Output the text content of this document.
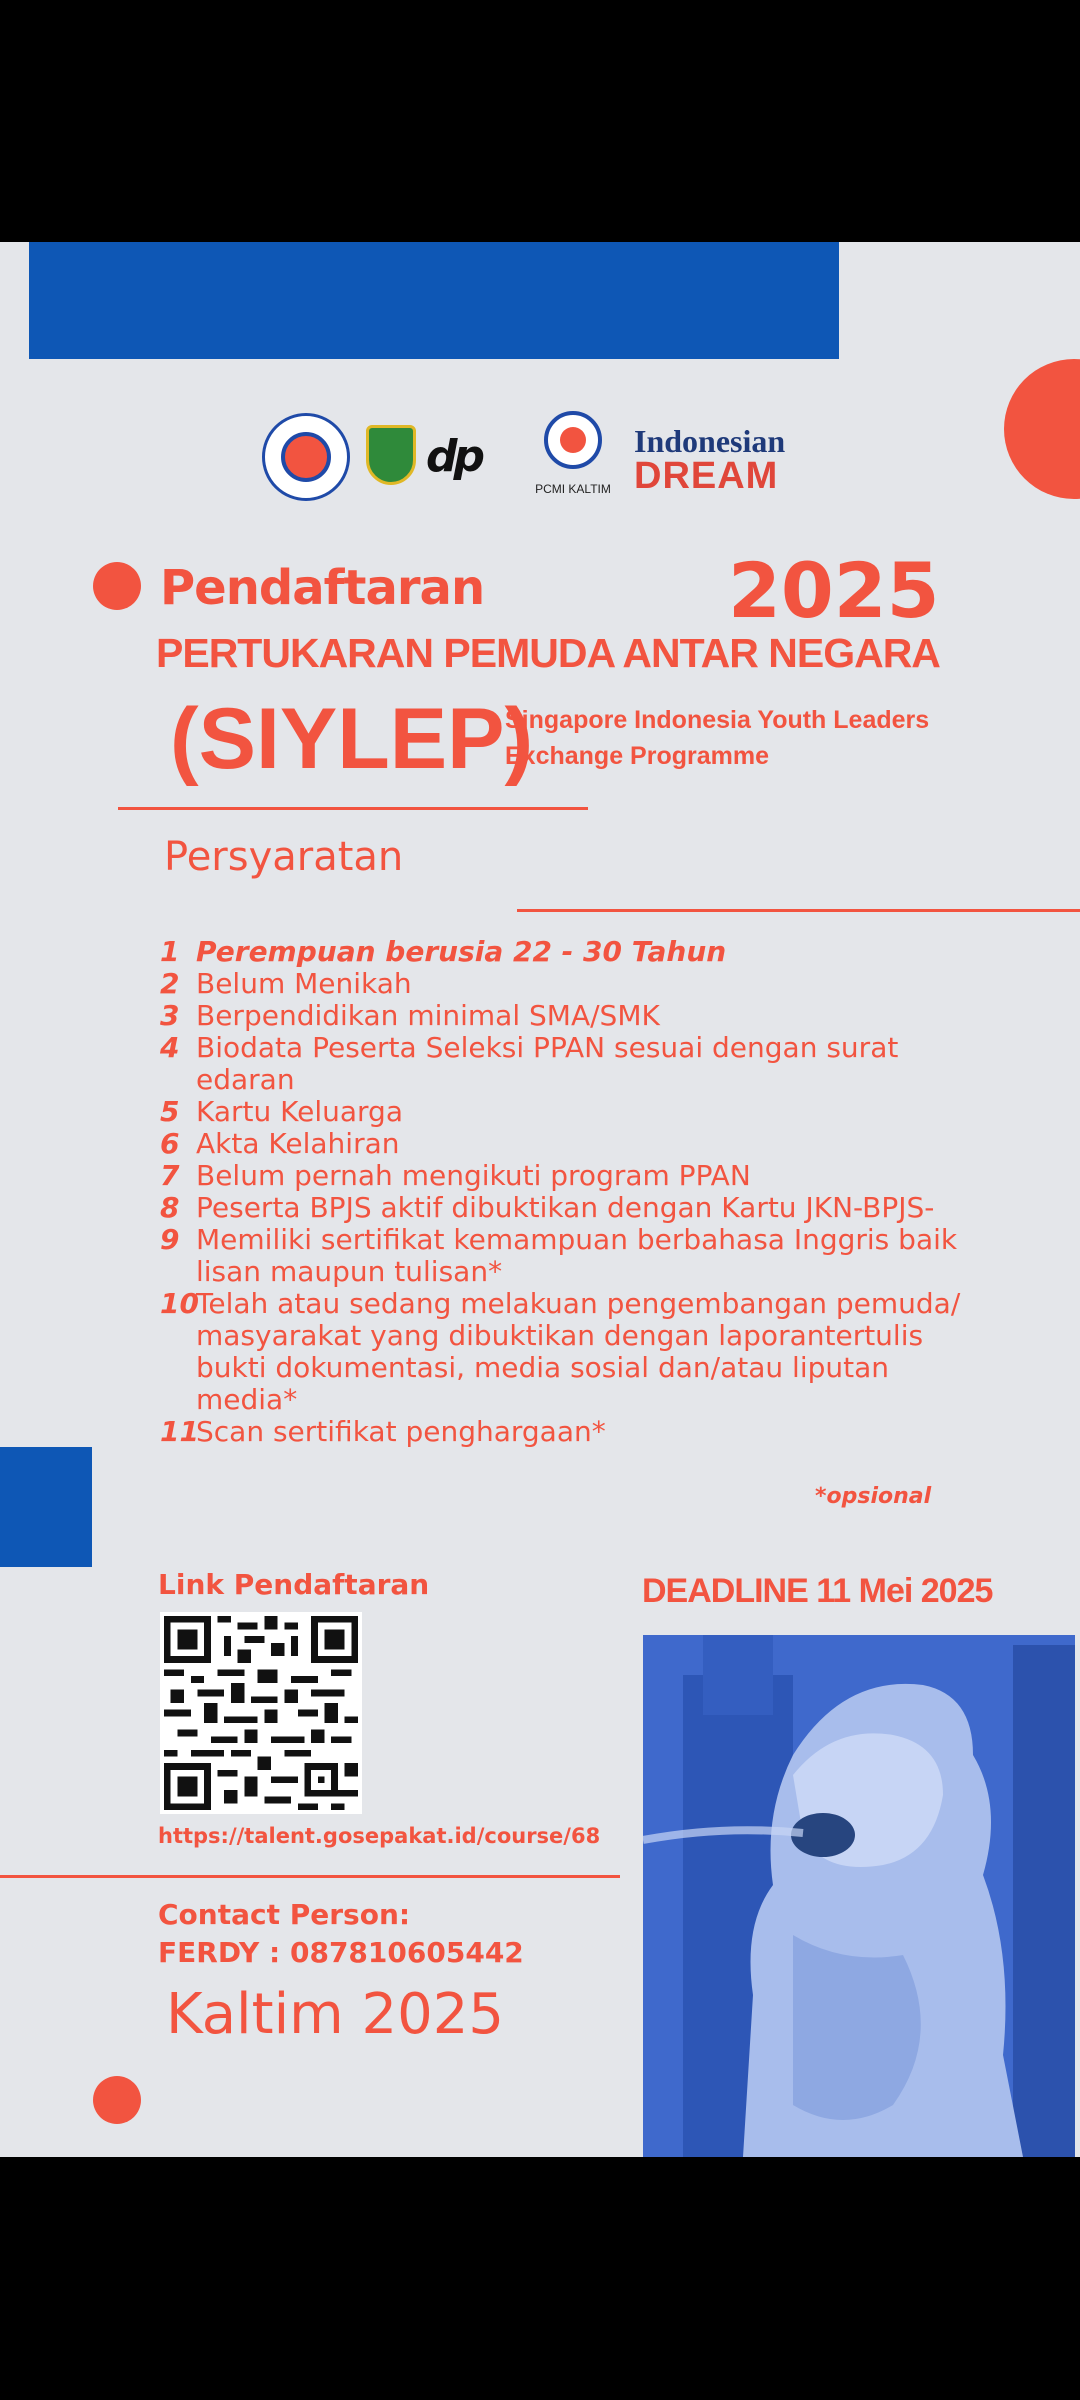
dp
PCMI KALTIM
Indonesian
DREAM
Pendaftaran	2025
PERTUKARAN PEMUDA ANTAR NEGARA
(SIYLEP)
Singapore Indonesia Youth Leaders
Exchange Programme
Persyaratan
1 Perempuan berusia 22 - 30 Tahun
2 Belum Menikah
3 Berpendidikan minimal SMA/SMK
4 Biodata Peserta Seleksi PPAN sesuai dengan surat edaran
5 Kartu Keluarga
6 Akta Kelahiran
7 Belum pernah mengikuti program PPAN
8 Peserta BPJS aktif dibuktikan dengan Kartu JKN-BPJS-
9 Memiliki sertifikat kemampuan berbahasa Inggris baik lisan maupun tulisan*
10
Telah atau sedang melakuan pengembangan pemuda/ masyarakat yang dibuktikan dengan laporantertulis bukti dokumentasi, media sosial dan/atau liputan media*
11
Scan sertifikat penghargaan*
*opsional
Link Pendaftaran
https://talent.gosepakat.id/course/68
Contact Person:
FERDY : 087810605442
Kaltim 2025
DEADLINE 11 Mei 2025
